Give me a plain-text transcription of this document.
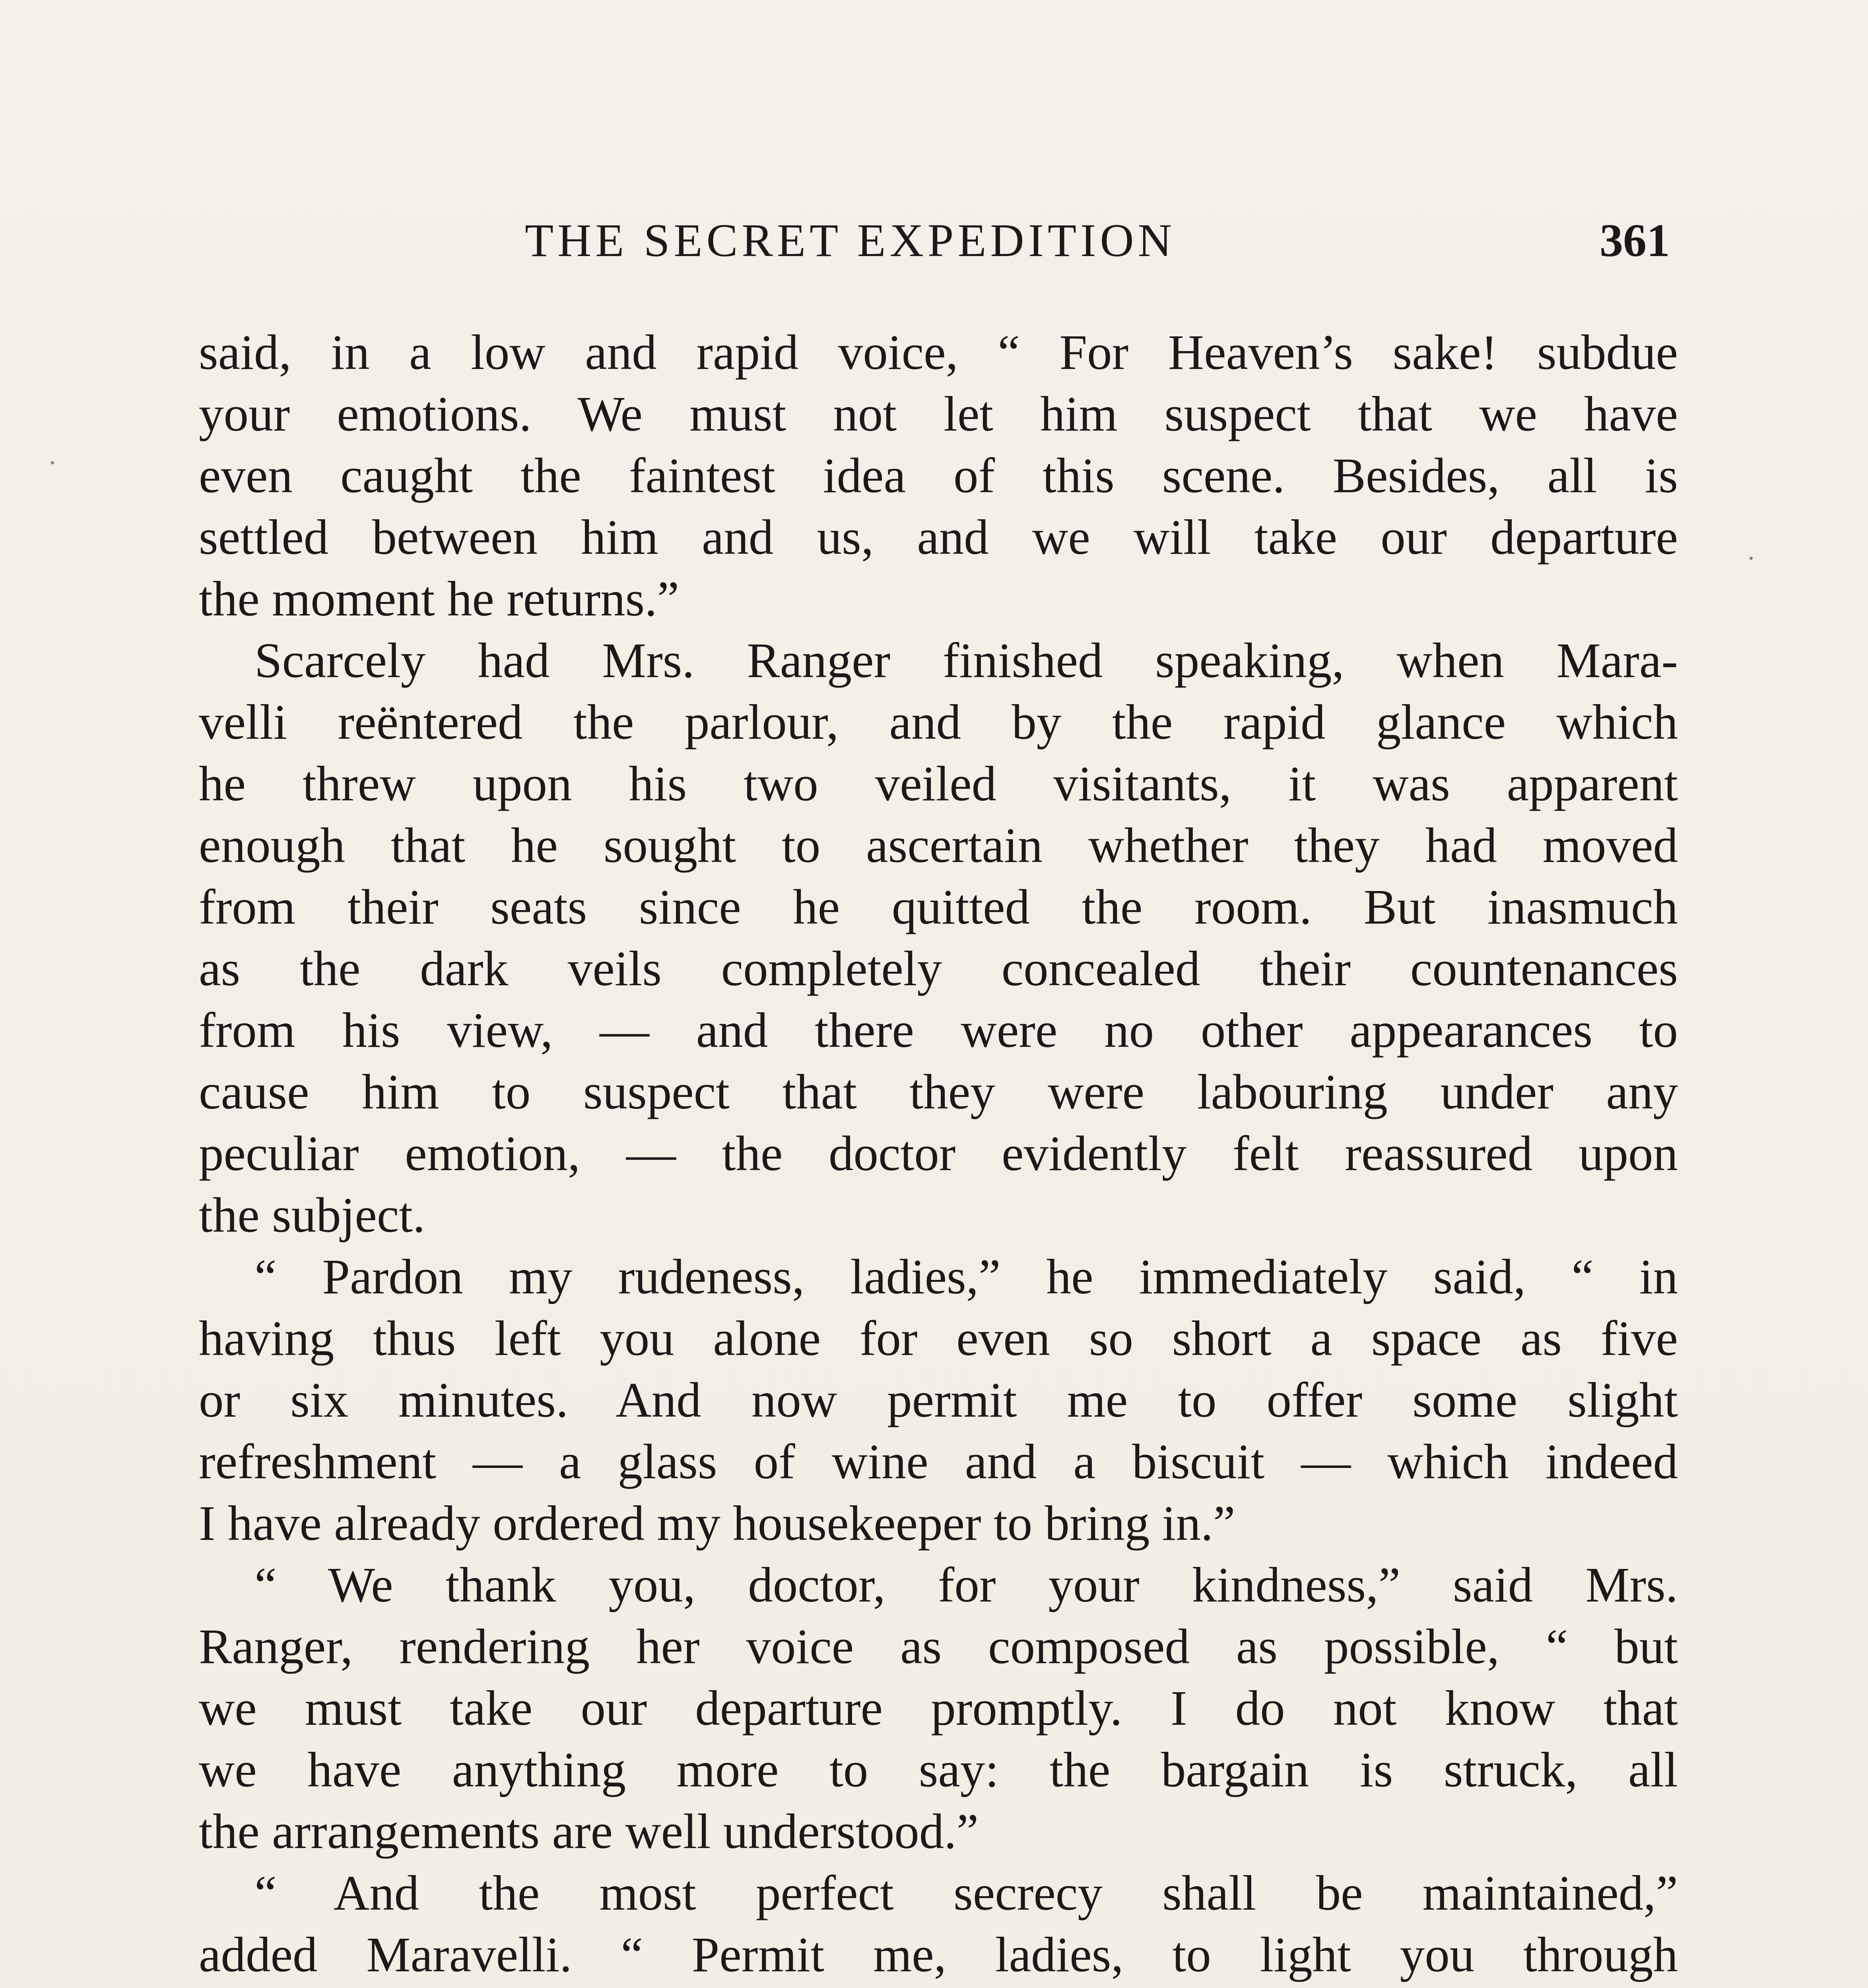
THE SECRET EXPEDITION	361
said, in a low and rapid voice, “ For Heaven’s sake! subdue
your emotions. We must not let him suspect that we have
even caught the faintest idea of this scene. Besides, all is
settled between him and us, and we will take our departure
the moment he returns.”
Scarcely had Mrs. Ranger finished speaking, when Mara-
velli reëntered the parlour, and by the rapid glance which
he threw upon his two veiled visitants, it was apparent
enough that he sought to ascertain whether they had moved
from their seats since he quitted the room. But inasmuch
as the dark veils completely concealed their countenances
from his view, — and there were no other appearances to
cause him to suspect that they were labouring under any
peculiar emotion, — the doctor evidently felt reassured upon
the subject.
“ Pardon my rudeness, ladies,” he immediately said, “ in
having thus left you alone for even so short a space as five
or six minutes. And now permit me to offer some slight
refreshment — a glass of wine and a biscuit — which indeed
I have already ordered my housekeeper to bring in.”
“ We thank you, doctor, for your kindness,” said Mrs.
Ranger, rendering her voice as composed as possible, “ but
we must take our departure promptly. I do not know that
we have anything more to say: the bargain is struck, all
the arrangements are well understood.”
“ And the most perfect secrecy shall be maintained,”
added Maravelli. “ Permit me, ladies, to light you through
